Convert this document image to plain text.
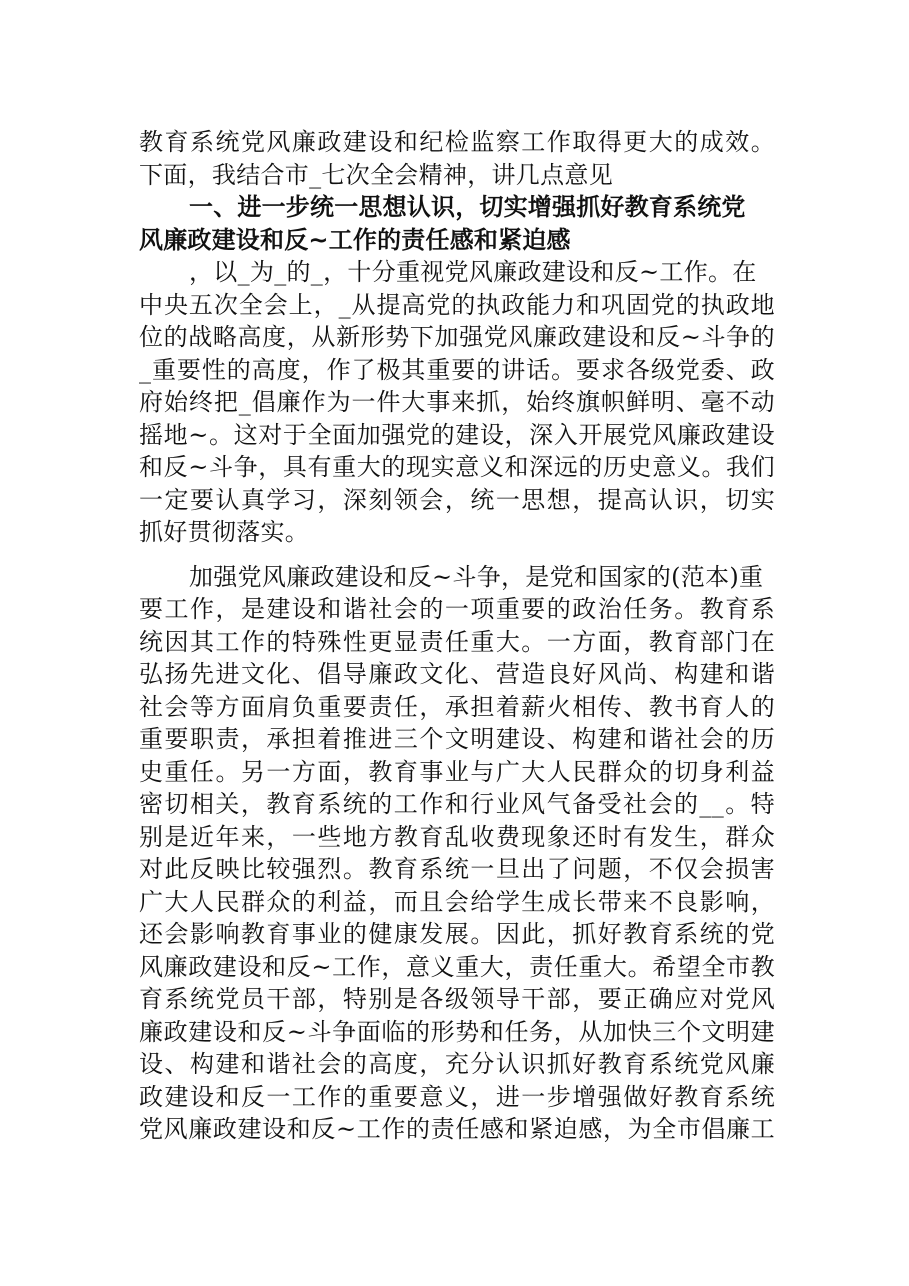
教育系统党风廉政建设和纪检监察工作取得更大的成效。
下面，我结合市_七次全会精神，讲几点意见
一、进一步统一思想认识，切实增强抓好教育系统党
风廉政建设和反~工作的责任感和紧迫感
，以_为_的_，十分重视党风廉政建设和反~工作。在
中央五次全会上，_从提高党的执政能力和巩固党的执政地
位的战略高度，从新形势下加强党风廉政建设和反~斗争的
_重要性的高度，作了极其重要的讲话。要求各级党委、政
府始终把_倡廉作为一件大事来抓，始终旗帜鲜明、毫不动
摇地~。这对于全面加强党的建设，深入开展党风廉政建设
和反~斗争，具有重大的现实意义和深远的历史意义。我们
一定要认真学习，深刻领会，统一思想，提高认识，切实
抓好贯彻落实。
加强党风廉政建设和反~斗争，是党和国家的(范本)重
要工作，是建设和谐社会的一项重要的政治任务。教育系
统因其工作的特殊性更显责任重大。一方面，教育部门在
弘扬先进文化、倡导廉政文化、营造良好风尚、构建和谐
社会等方面肩负重要责任，承担着薪火相传、教书育人的
重要职责，承担着推进三个文明建设、构建和谐社会的历
史重任。另一方面，教育事业与广大人民群众的切身利益
密切相关，教育系统的工作和行业风气备受社会的__。特
别是近年来，一些地方教育乱收费现象还时有发生，群众
对此反映比较强烈。教育系统一旦出了问题，不仅会损害
广大人民群众的利益，而且会给学生成长带来不良影响，
还会影响教育事业的健康发展。因此，抓好教育系统的党
风廉政建设和反~工作，意义重大，责任重大。希望全市教
育系统党员干部，特别是各级领导干部，要正确应对党风
廉政建设和反~斗争面临的形势和任务，从加快三个文明建
设、构建和谐社会的高度，充分认识抓好教育系统党风廉
政建设和反一工作的重要意义，进一步增强做好教育系统
党风廉政建设和反~工作的责任感和紧迫感，为全市倡廉工
